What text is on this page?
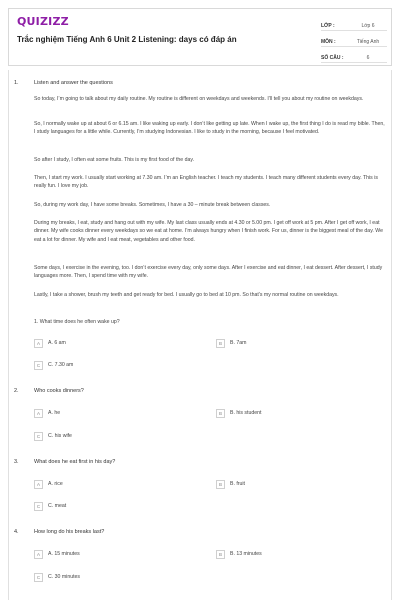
QUIZIZZ
Trắc nghiệm Tiếng Anh 6 Unit 2 Listening: days có đáp án
LỚP :	Lớp 6
MÔN :	Tiếng Anh
SỐ CÂU :	6
1.	Listen and answer the questions
So today, I’m going to talk about my daily routine. My routine is different on weekdays and weekends. I’ll tell you about my routine on weekdays.
So, I normally wake up at about 6 or 6.15 am. I like waking up early. I don’t like getting up late. When I wake up, the first thing I do is read my bible. Then, I study languages for a little while. Currently, I’m studying Indonesian. I like to study in the morning, because I feel motivated.
So after I study, I often eat some fruits. This is my first food of the day.
Then, I start my work. I usually start working at 7.30 am. I’m an English teacher. I teach my students. I teach many different students every day. This is really fun. I love my job.
So, during my work day, I have some breaks. Sometimes, I have a 30 – minute break between classes.
During my breaks, I eat, study and hang out with my wife. My last class usually ends at 4.30 or 5.00 pm. I get off work at 5 pm. After I get off work, I eat dinner. My wife cooks dinner every weekdays so we eat at home. I’m always hungry when I finish work. For us, dinner is the biggest meal of the day. We eat a lot for dinner. My wife and I eat meat, vegetables and other food.
Some days, I exercise in the evening, too. I don’t exercise every day, only some days. After I exercise and eat dinner, I eat dessert. After dessert, I study languages more. Then, I spend time with my wife.
Lastly, I take a shower, brush my teeth and get ready for bed. I usually go to bed at 10 pm. So that’s my normal routine on weekdays.
1. What time does he often wake up?
A	A. 6 am	B	B. 7am
C	C. 7.30 am
2.	Who cooks dinners?
A	A. he	B	B. his student
C	C. his wife
3.	What does he eat first in his day?
A	A. rice	B	B. fruit
C	C. meat
4.	How long do his breaks last?
A	A. 15 minutes	B	B. 13 minutes
C	C. 30 minutes
